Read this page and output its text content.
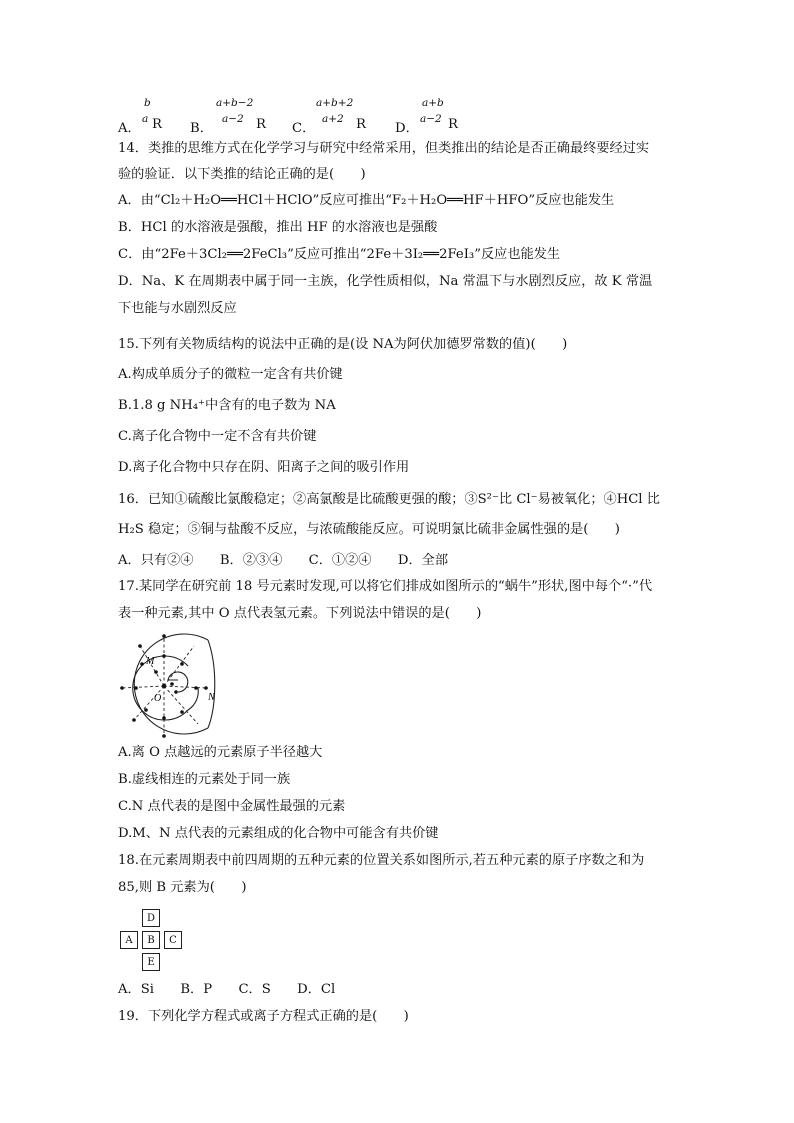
A．
b
a R B．
a+b−2
a−2 R C．
a+b+2
a+2 R D．
a+b
a−2 R
14．类推的思维方式在化学学习与研究中经常采用，但类推出的结论是否正确最终要经过实
验的验证．以下类推的结论正确的是(　　)
A．由“Cl₂＋H₂O══HCl＋HClO”反应可推出“F₂＋H₂O══HF＋HFO”反应也能发生
B．HCl 的水溶液是强酸，推出 HF 的水溶液也是强酸
C．由“2Fe＋3Cl₂══2FeCl₃”反应可推出“2Fe＋3I₂══2FeI₃”反应也能发生
D．Na、K 在周期表中属于同一主族，化学性质相似，Na 常温下与水剧烈反应，故 K 常温
下也能与水剧烈反应
15.下列有关物质结构的说法中正确的是(设 NA为阿伏加德罗常数的值)(　　)
A.构成单质分子的微粒一定含有共价键
B.1.8 g NH₄⁺中含有的电子数为 NA
C.离子化合物中一定不含有共价键
D.离子化合物中只存在阴、阳离子之间的吸引作用
16．已知①硫酸比氯酸稳定；②高氯酸是比硫酸更强的酸；③S²⁻比 Cl⁻易被氧化；④HCl 比
H₂S 稳定；⑤铜与盐酸不反应，与浓硫酸能反应。可说明氯比硫非金属性强的是(　　)
A．只有②④　　B．②③④　　C．①②④　　D．全部
17.某同学在研究前 18 号元素时发现,可以将它们排成如图所示的“蜗牛”形状,图中每个“·”代
表一种元素,其中 O 点代表氢元素。下列说法中错误的是(　　)
M
O	N
A.离 O 点越远的元素原子半径越大
B.虚线相连的元素处于同一族
C.N 点代表的是图中金属性最强的元素
D.M、N 点代表的元素组成的化合物中可能含有共价键
18.在元素周期表中前四周期的五种元素的位置关系如图所示,若五种元素的原子序数之和为
85,则 B 元素为(　　)
D
A	B	C
E
A．Si　　B．P　　C．S　　D．Cl
19．下列化学方程式或离子方程式正确的是(　　)
